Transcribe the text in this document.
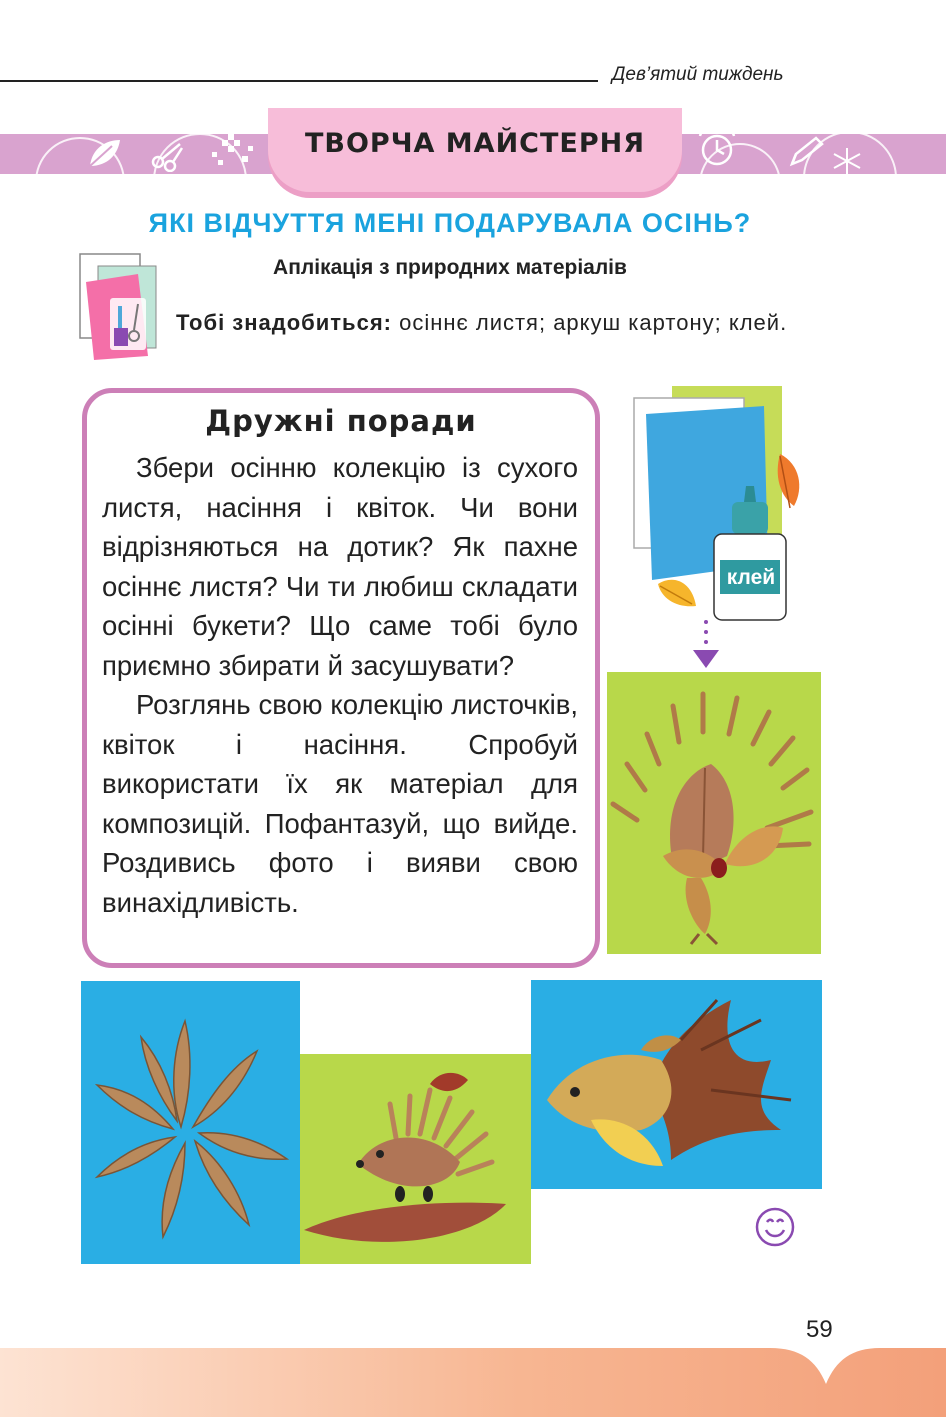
Дев’ятий тиждень
ТВОРЧА МАЙСТЕРНЯ
ЯКІ ВІДЧУТТЯ МЕНІ ПОДАРУВАЛА ОСІНЬ?
Аплікація з природних матеріалів
Тобі знадобиться: осіннє листя; аркуш картону; клей.
Дружні поради

Збери осінню колекцію із сухого листя, насіння і квіток. Чи вони відрізняються на дотик? Як пахне осіннє листя? Чи ти любиш складати осінні букети? Що саме тобі було приємно збирати й засушувати?

Розглянь свою колекцію листочків, квіток і насіння. Спробуй використати їх як матеріал для композицій. Пофантазуй, що вийде. Роздивись фото і вияви свою винахідливість.

клей
59
